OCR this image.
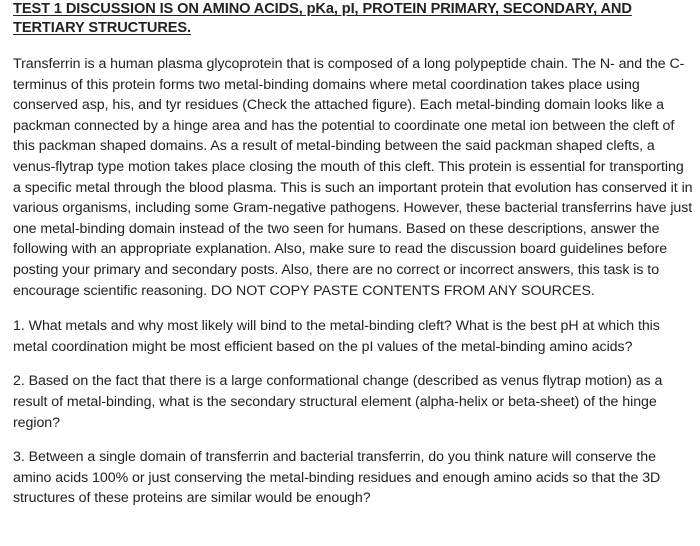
TEST 1 DISCUSSION IS ON AMINO ACIDS, pKa, pI, PROTEIN PRIMARY, SECONDARY, AND
TERTIARY STRUCTURES.

Transferrin is a human plasma glycoprotein that is composed of a long polypeptide chain. The N- and the C-terminus of this protein forms two metal-binding domains where metal coordination takes place using conserved asp, his, and tyr residues (Check the attached figure). Each metal-binding domain looks like a packman connected by a hinge area and has the potential to coordinate one metal ion between the cleft of this packman shaped domains. As a result of metal-binding between the said packman shaped clefts, a venus-flytrap type motion takes place closing the mouth of this cleft. This protein is essential for transporting a specific metal through the blood plasma. This is such an important protein that evolution has conserved it in various organisms, including some Gram-negative pathogens. However, these bacterial transferrins have just one metal-binding domain instead of the two seen for humans. Based on these descriptions, answer the following with an appropriate explanation. Also, make sure to read the discussion board guidelines before posting your primary and secondary posts. Also, there are no correct or incorrect answers, this task is to encourage scientific reasoning. DO NOT COPY PASTE CONTENTS FROM ANY SOURCES.

1. What metals and why most likely will bind to the metal-binding cleft? What is the best pH at which this metal coordination might be most efficient based on the pI values of the metal-binding amino acids?

2. Based on the fact that there is a large conformational change (described as venus flytrap motion) as a result of metal-binding, what is the secondary structural element (alpha-helix or beta-sheet) of the hinge region?

3. Between a single domain of transferrin and bacterial transferrin, do you think nature will conserve the amino acids 100% or just conserving the metal-binding residues and enough amino acids so that the 3D structures of these proteins are similar would be enough?
